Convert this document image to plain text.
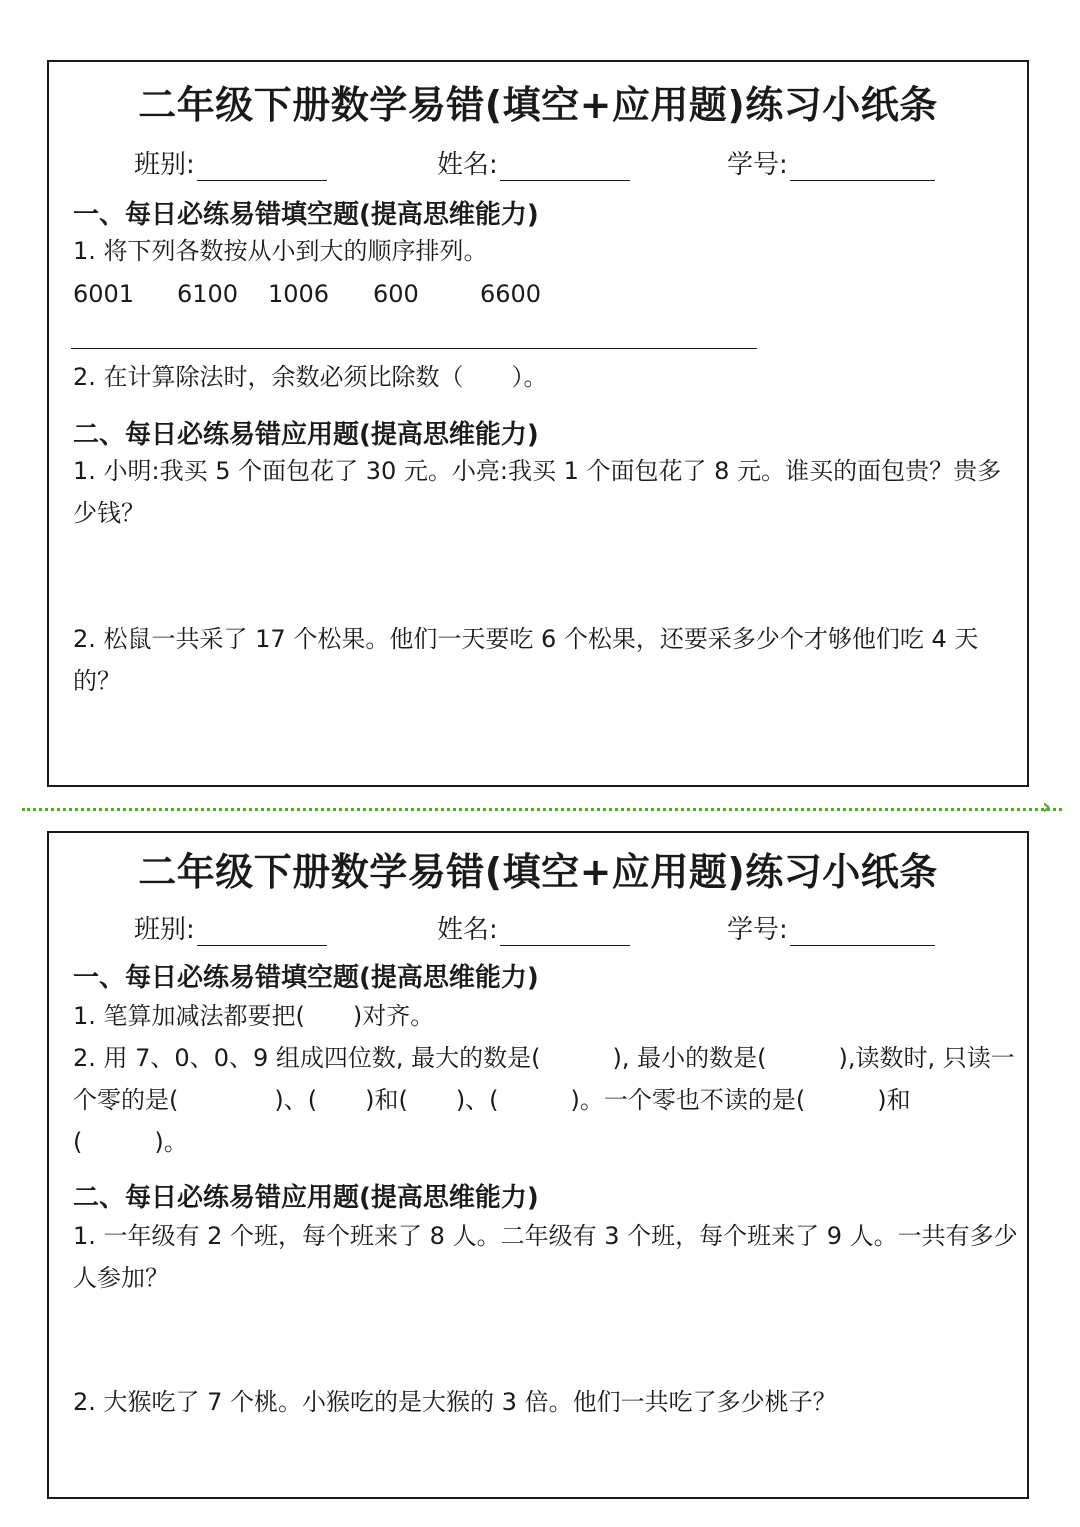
二年级下册数学易错(填空+应用题)练习小纸条
班别:	姓名:	学号:
一、每日必练易错填空题(提高思维能力)
1. 将下列各数按从小到大的顺序排列。
6001	6100	1006	600	6600
2. 在计算除法时，余数必须比除数（　　）。
二、每日必练易错应用题(提高思维能力)
1. 小明:我买 5 个面包花了 30 元。小亮:我买 1 个面包花了 8 元。谁买的面包贵？贵多少钱？
2. 松鼠一共采了 17 个松果。他们一天要吃 6 个松果，还要采多少个才够他们吃 4 天的？
›
二年级下册数学易错(填空+应用题)练习小纸条
班别:	姓名:	学号:
一、每日必练易错填空题(提高思维能力)
1. 笔算加减法都要把(　　)对齐。
2. 用 7、0、0、9 组成四位数, 最大的数是(　　　), 最小的数是(　　　),读数时, 只读一个零的是(　　　　)、(　　)和(　　)、(　　　)。一个零也不读的是(　　　)和(　　　)。
二、每日必练易错应用题(提高思维能力)
1. 一年级有 2 个班，每个班来了 8 人。二年级有 3 个班，每个班来了 9 人。一共有多少人参加？
2. 大猴吃了 7 个桃。小猴吃的是大猴的 3 倍。他们一共吃了多少桃子？
